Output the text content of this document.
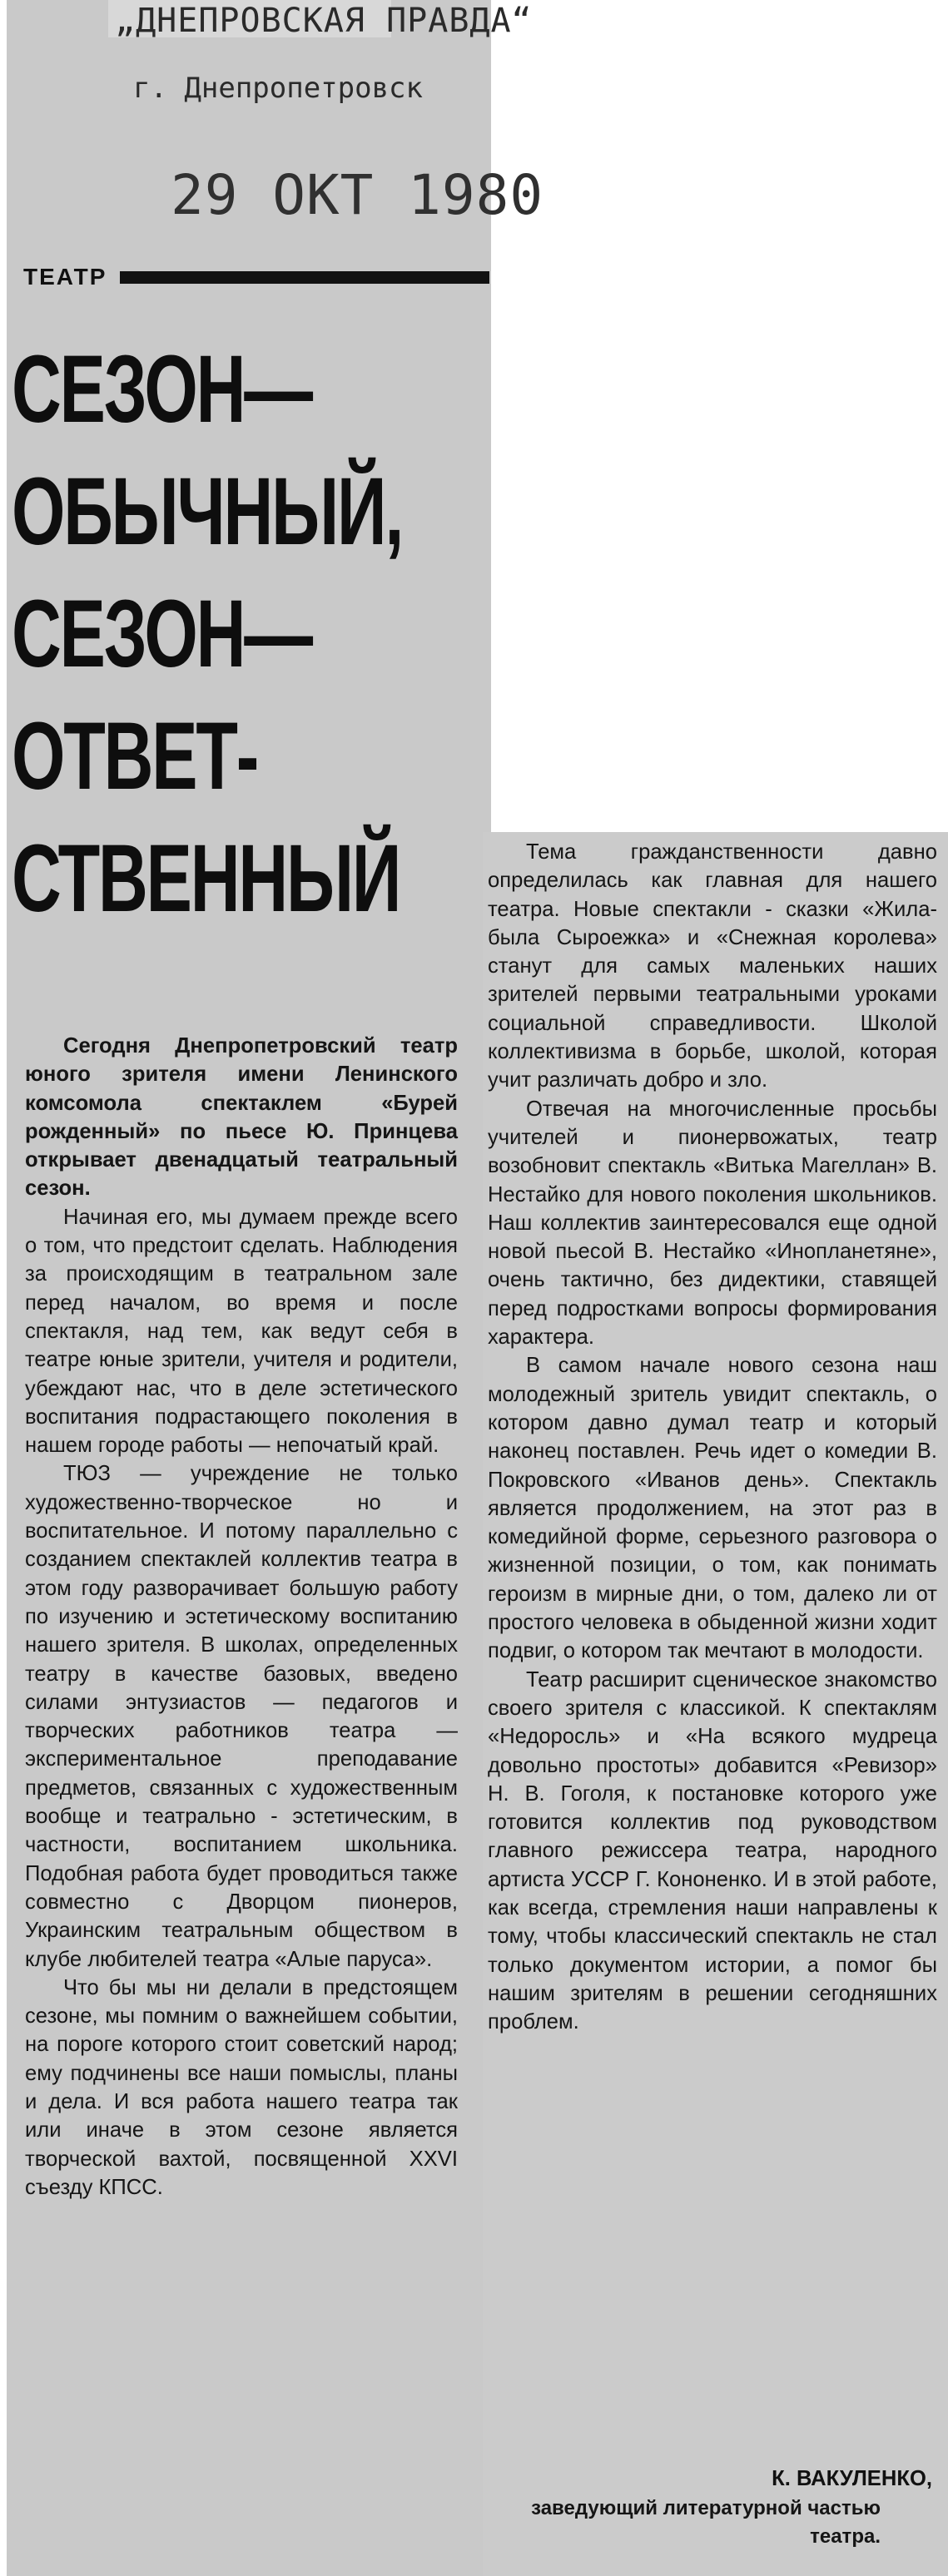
„ДНЕПРОВСКАЯ ПРАВДА“
г. Днепропетровск
29 ОКТ 1980
ТЕАТР
СЕЗОН—
ОБЫЧНЫЙ,
СЕЗОН—
ОТВЕТ-
СТВЕННЫЙ

Сегодня Днепропетровский театр юного зрителя имени Ленинского комсомола спектаклем «Бурей рожденный» по пьесе Ю. Принцева открывает двенадцатый театральный сезон.

Начиная его, мы думаем прежде всего о том, что предстоит сделать. Наблюдения за происходящим в театральном зале перед началом, во время и после спектакля, над тем, как ведут себя в театре юные зрители, учителя и родители, убеждают нас, что в деле эстетического воспитания подрастающего поколения в нашем городе работы — непочатый край.

ТЮЗ — учреждение не только художественно-творческое но и воспитательное. И потому параллельно с созданием спектаклей коллектив театра в этом году разворачивает большую работу по изучению и эстетическому воспитанию нашего зрителя. В школах, определенных театру в качестве базовых, введено силами энтузиастов — педагогов и творческих работников театра — экспериментальное преподавание предметов, связанных с художественным вообще и театрально - эстетическим, в частности, воспитанием школьника. Подобная работа будет проводиться также совместно с Дворцом пионеров, Украинским театральным обществом в клубе любителей театра «Алые паруса».

Что бы мы ни делали в предстоящем сезоне, мы помним о важнейшем событии, на пороге которого стоит советский народ; ему подчинены все наши помыслы, планы и дела. И вся работа нашего театра так или иначе в этом сезоне является творческой вахтой, посвященной XXVI съезду КПСС.

Тема гражданственности давно определилась как главная для нашего театра. Новые спектакли - сказки «Жила-была Сыроежка» и «Снежная королева» станут для самых маленьких наших зрителей первыми театральными уроками социальной справедливости. Школой коллективизма в борьбе, школой, которая учит различать добро и зло.

Отвечая на многочисленные просьбы учителей и пионервожатых, театр возобновит спектакль «Витька Магеллан» В. Нестайко для нового поколения школьников. Наш коллектив заинтересовался еще одной новой пьесой В. Нестайко «Инопланетяне», очень тактично, без дидектики, ставящей перед подростками вопросы формирования характера.

В самом начале нового сезона наш молодежный зритель увидит спектакль, о котором давно думал театр и который наконец поставлен. Речь идет о комедии В. Покровского «Иванов день». Спектакль является продолжением, на этот раз в комедийной форме, серьезного разговора о жизненной позиции, о том, как понимать героизм в мирные дни, о том, далеко ли от простого человека в обыденной жизни ходит подвиг, о котором так мечтают в молодости.

Театр расширит сценическое знакомство своего зрителя с классикой. К спектаклям «Недоросль» и «На всякого мудреца довольно простоты» добавится «Ревизор» Н. В. Гоголя, к постановке которого уже готовится коллектив под руководством главного режиссера театра, народного артиста УССР Г. Кононенко. И в этой работе, как всегда, стремления наши направлены к тому, чтобы классический спектакль не стал только документом истории, а помог бы нашим зрителям в решении сегодняшних проблем.

К. ВАКУЛЕНКО,
заведующий литературной частью театра.
